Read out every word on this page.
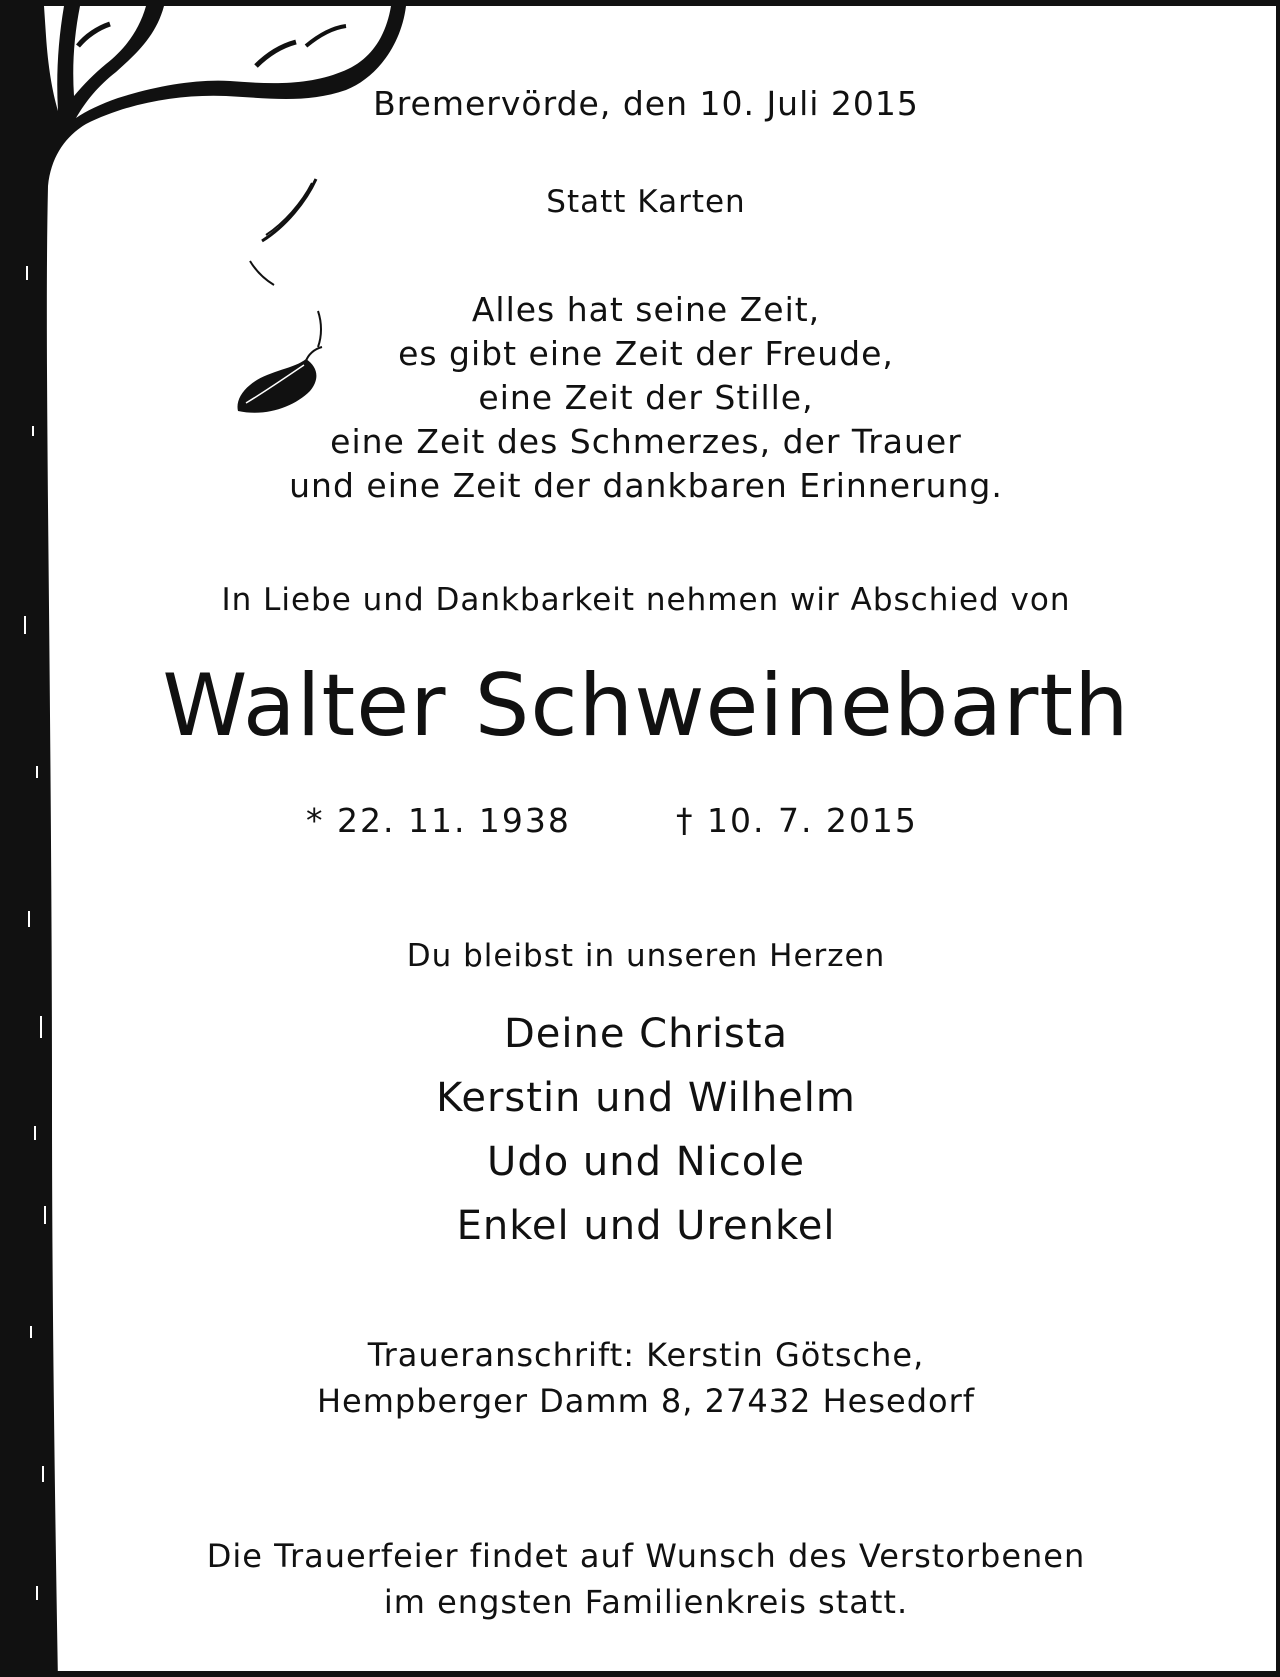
Bremervörde, den 10. Juli 2015
Statt Karten
Alles hat seine Zeit,
es gibt eine Zeit der Freude,
eine Zeit der Stille,
eine Zeit des Schmerzes, der Trauer
und eine Zeit der dankbaren Erinnerung.
In Liebe und Dankbarkeit nehmen wir Abschied von
Walter Schweinebarth
* 22. 11. 1938	† 10. 7. 2015
Du bleibst in unseren Herzen
Deine Christa
Kerstin und Wilhelm
Udo und Nicole
Enkel und Urenkel
Traueranschrift: Kerstin Götsche,
Hempberger Damm 8, 27432 Hesedorf
Die Trauerfeier findet auf Wunsch des Verstorbenen
im engsten Familienkreis statt.
